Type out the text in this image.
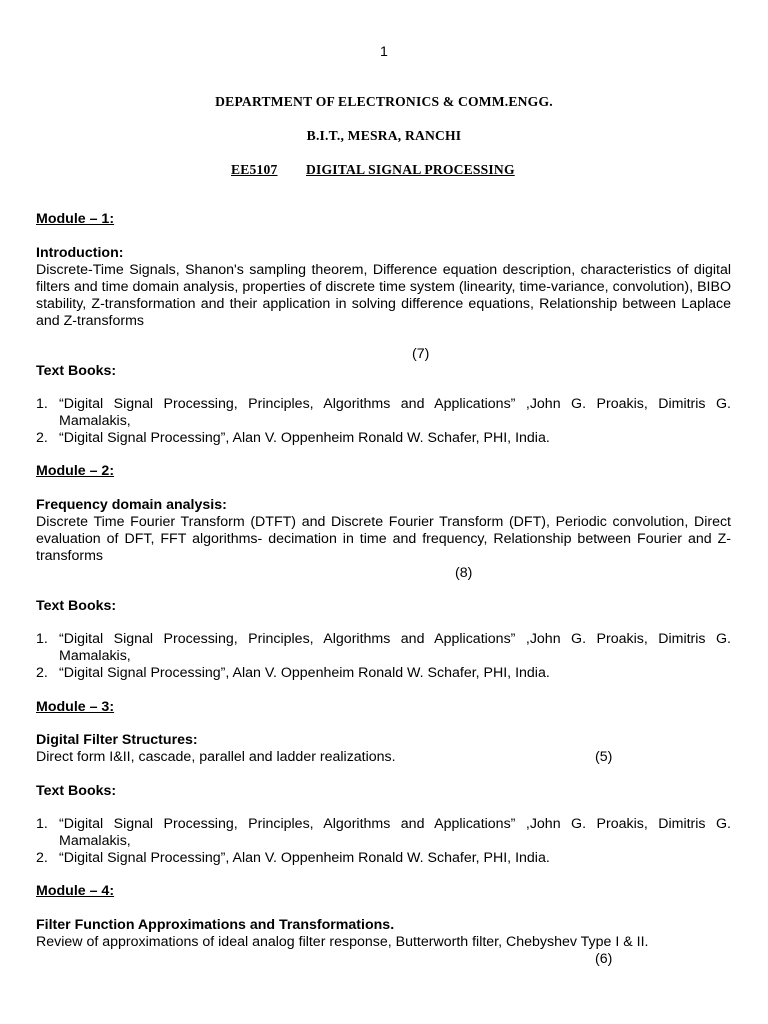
1
DEPARTMENT OF ELECTRONICS & COMM.ENGG.
B.I.T., MESRA, RANCHI
EE5107 DIGITAL SIGNAL PROCESSING
Module – 1:
Introduction:
Discrete-Time Signals, Shanon's sampling theorem, Difference equation description, characteristics of digital filters and time domain analysis, properties of discrete time system (linearity, time-variance, convolution), BIBO stability, Z-transformation and their application in solving difference equations, Relationship between Laplace and Z-transforms
(7)
Text Books:
1. “Digital Signal Processing, Principles, Algorithms and Applications” ,John G. Proakis, Dimitris G. Mamalakis,
2. “Digital Signal Processing”, Alan V. Oppenheim Ronald W. Schafer, PHI, India.
Module – 2:
Frequency domain analysis:
Discrete Time Fourier Transform (DTFT) and Discrete Fourier Transform (DFT), Periodic convolution, Direct evaluation of DFT, FFT algorithms- decimation in time and frequency, Relationship between Fourier and Z-transforms
(8)
Text Books:
1. “Digital Signal Processing, Principles, Algorithms and Applications” ,John G. Proakis, Dimitris G. Mamalakis,
2. “Digital Signal Processing”, Alan V. Oppenheim Ronald W. Schafer, PHI, India.
Module – 3:
Digital Filter Structures:
Direct form I&II, cascade, parallel and ladder realizations.	(5)
Text Books:
1. “Digital Signal Processing, Principles, Algorithms and Applications” ,John G. Proakis, Dimitris G. Mamalakis,
2. “Digital Signal Processing”, Alan V. Oppenheim Ronald W. Schafer, PHI, India.
Module – 4:
Filter Function Approximations and Transformations.
Review of approximations of ideal analog filter response, Butterworth filter, Chebyshev Type I & II.
(6)
